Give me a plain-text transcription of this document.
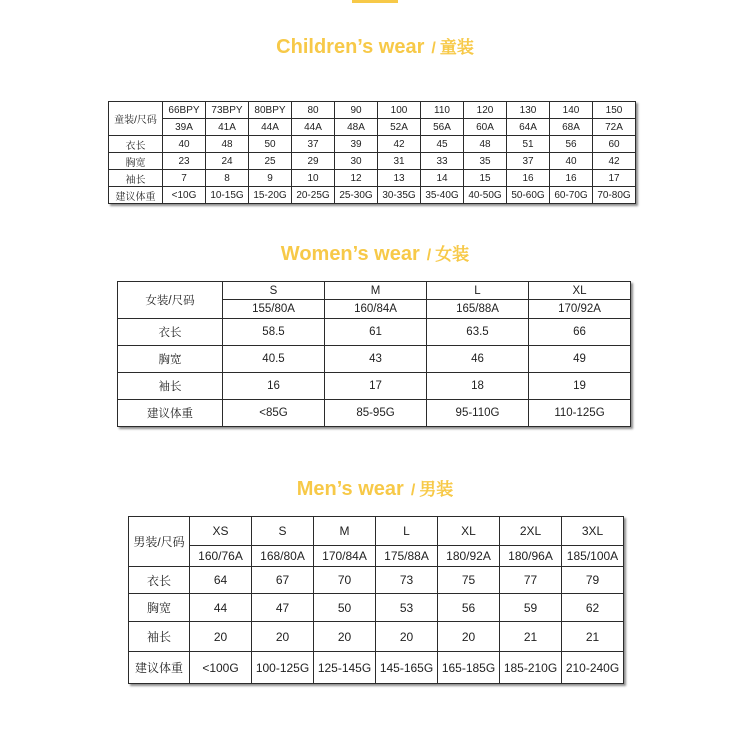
Children’s wear / 童装
童装/尺码	66BPY	73BPY	80BPY	80	90	100	110	120	130	140	150
	39A	41A	44A	44A	48A	52A	56A	60A	64A	68A	72A
衣长	40	48	50	37	39	42	45	48	51	56	60
胸宽	23	24	25	29	30	31	33	35	37	40	42
袖长	7	8	9	10	12	13	14	15	16	16	17
建议体重	<10G	10-15G	15-20G	20-25G	25-30G	30-35G	35-40G	40-50G	50-60G	60-70G	70-80G
Women’s wear / 女装
女装/尺码	S	M	L	XL
	155/80A	160/84A	165/88A	170/92A
衣长	58.5	61	63.5	66
胸宽	40.5	43	46	49
袖长	16	17	18	19
建议体重	<85G	85-95G	95-110G	110-125G
Men’s wear / 男装
男装/尺码	XS	S	M	L	XL	2XL	3XL
	160/76A	168/80A	170/84A	175/88A	180/92A	180/96A	185/100A
衣长	64	67	70	73	75	77	79
胸宽	44	47	50	53	56	59	62
袖长	20	20	20	20	20	21	21
建议体重	<100G	100-125G	125-145G	145-165G	165-185G	185-210G	210-240G
